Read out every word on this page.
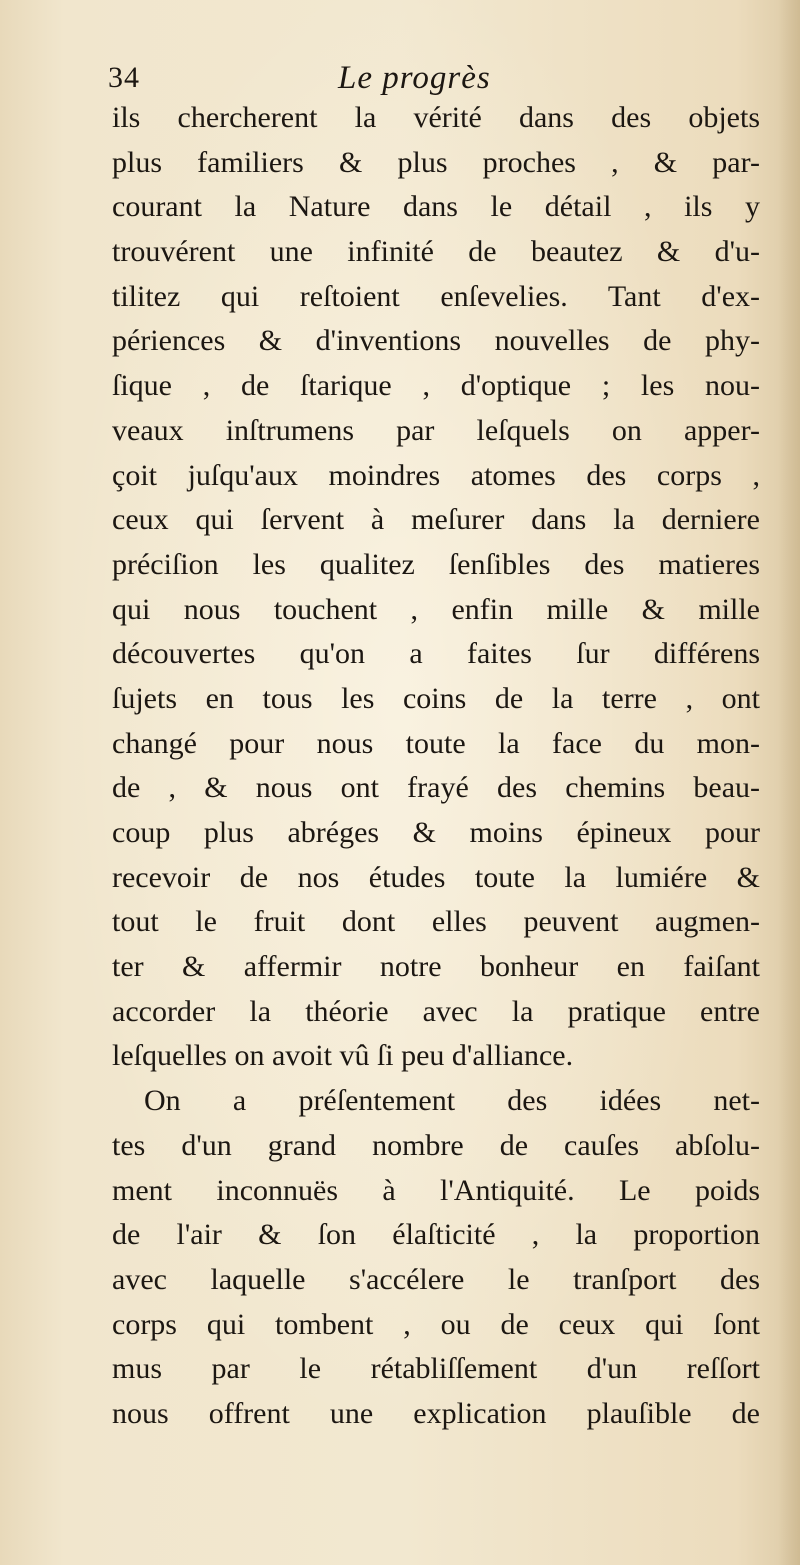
34	Le progrès
ils chercherent la vérité dans des objets
plus familiers & plus proches , & par-
courant la Nature dans le détail , ils y
trouvérent une infinité de beautez & d'u-
tilitez qui reſtoient enſevelies. Tant d'ex-
périences & d'inventions nouvelles de phy-
ſique , de ſtarique , d'optique ; les nou-
veaux inſtrumens par leſquels on apper-
çoit juſqu'aux moindres atomes des corps ,
ceux qui ſervent à meſurer dans la derniere
préciſion les qualitez ſenſibles des matieres
qui nous touchent , enfin mille & mille
découvertes qu'on a faites ſur différens
ſujets en tous les coins de la terre , ont
changé pour nous toute la face du mon-
de , & nous ont frayé des chemins beau-
coup plus abréges & moins épineux pour
recevoir de nos études toute la lumiére &
tout le fruit dont elles peuvent augmen-
ter & affermir notre bonheur en faiſant
accorder la théorie avec la pratique entre
leſquelles on avoit vû ſi peu d'alliance.
On a préſentement des idées net-
tes d'un grand nombre de cauſes abſolu-
ment inconnuës à l'Antiquité. Le poids
de l'air & ſon élaſticité , la proportion
avec laquelle s'accélere le tranſport des
corps qui tombent , ou de ceux qui ſont
mus par le rétabliſſement d'un reſſort
nous offrent une explication plauſible de
